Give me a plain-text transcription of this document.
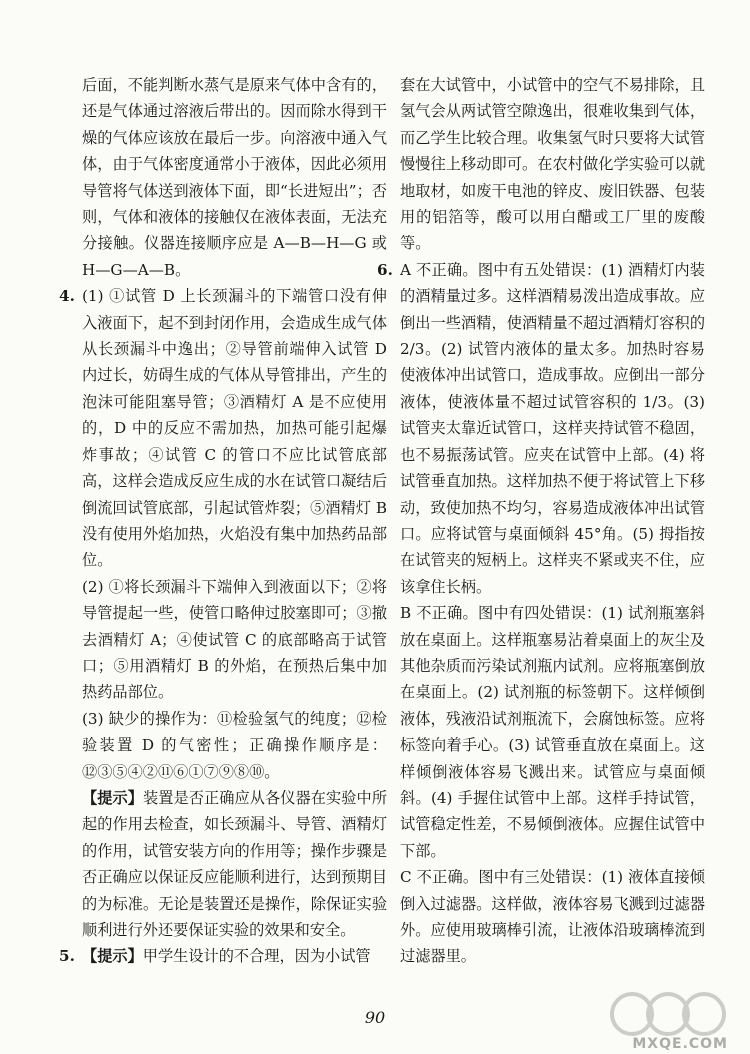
后面，不能判断水蒸气是原来气体中含有的，还是气体通过溶液后带出的。因而除水得到干燥的气体应该放在最后一步。向溶液中通入气体，由于气体密度通常小于液体，因此必须用导管将气体送到液体下面，即“长进短出”；否则，气体和液体的接触仅在液体表面，无法充分接触。仪器连接顺序应是 A—B—H—G 或 H—G—A—B。

4. (1) ①试管 D 上长颈漏斗的下端管口没有伸入液面下，起不到封闭作用，会造成生成气体从长颈漏斗中逸出；②导管前端伸入试管 D 内过长，妨碍生成的气体从导管排出，产生的泡沫可能阻塞导管；③酒精灯 A 是不应使用的，D 中的反应不需加热，加热可能引起爆炸事故；④试管 C 的管口不应比试管底部高，这样会造成反应生成的水在试管口凝结后倒流回试管底部，引起试管炸裂；⑤酒精灯 B 没有使用外焰加热，火焰没有集中加热药品部位。

(2) ①将长颈漏斗下端伸入到液面以下；②将导管提起一些，使管口略伸过胶塞即可；③撤去酒精灯 A；④使试管 C 的底部略高于试管口；⑤用酒精灯 B 的外焰，在预热后集中加热药品部位。

(3) 缺少的操作为：⑪检验氢气的纯度；⑫检验装置 D 的气密性；正确操作顺序是：⑫③⑤④②⑪⑥①⑦⑨⑧⑩。

【提示】装置是否正确应从各仪器在实验中所起的作用去检查，如长颈漏斗、导管、酒精灯的作用，试管安装方向的作用等；操作步骤是否正确应以保证反应能顺利进行，达到预期目的为标准。无论是装置还是操作，除保证实验顺利进行外还要保证实验的效果和安全。

5. 【提示】甲学生设计的不合理，因为小试管

套在大试管中，小试管中的空气不易排除，且氢气会从两试管空隙逸出，很难收集到气体，而乙学生比较合理。收集氢气时只要将大试管慢慢往上移动即可。在农村做化学实验可以就地取材，如废干电池的锌皮、废旧铁器、包装用的铝箔等，酸可以用白醋或工厂里的废酸等。

6. A 不正确。图中有五处错误：(1) 酒精灯内装的酒精量过多。这样酒精易泼出造成事故。应倒出一些酒精，使酒精量不超过酒精灯容积的 2/3。(2) 试管内液体的量太多。加热时容易使液体冲出试管口，造成事故。应倒出一部分液体，使液体量不超过试管容积的 1/3。(3) 试管夹太靠近试管口，这样夹持试管不稳固，也不易振荡试管。应夹在试管中上部。(4) 将试管垂直加热。这样加热不便于将试管上下移动，致使加热不均匀，容易造成液体冲出试管口。应将试管与桌面倾斜 45°角。(5) 拇指按在试管夹的短柄上。这样夹不紧或夹不住，应该拿住长柄。

B 不正确。图中有四处错误：(1) 试剂瓶塞斜放在桌面上。这样瓶塞易沾着桌面上的灰尘及其他杂质而污染试剂瓶内试剂。应将瓶塞倒放在桌面上。(2) 试剂瓶的标签朝下。这样倾倒液体，残液沿试剂瓶流下，会腐蚀标签。应将标签向着手心。(3) 试管垂直放在桌面上。这样倾倒液体容易飞溅出来。试管应与桌面倾斜。(4) 手握住试管中上部。这样手持试管，试管稳定性差，不易倾倒液体。应握住试管中下部。

C 不正确。图中有三处错误：(1) 液体直接倾倒入过滤器。这样做，液体容易飞溅到过滤器外。应使用玻璃棒引流，让液体沿玻璃棒流到过滤器里。

90
MXQE.COM
